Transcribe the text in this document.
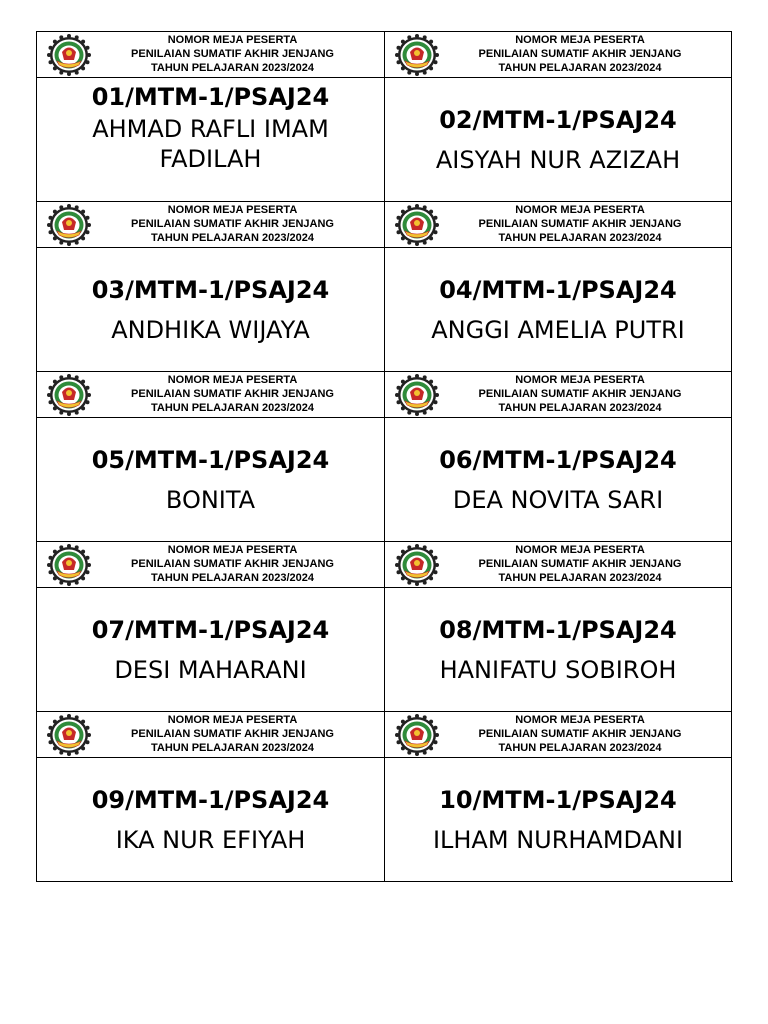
NOMOR MEJA PESERTA
PENILAIAN SUMATIF AKHIR JENJANG
TAHUN PELAJARAN 2023/2024
01/MTM-1/PSAJ24
AHMAD RAFLI IMAM FADILAH
NOMOR MEJA PESERTA
PENILAIAN SUMATIF AKHIR JENJANG
TAHUN PELAJARAN 2023/2024
02/MTM-1/PSAJ24
AISYAH NUR AZIZAH
NOMOR MEJA PESERTA
PENILAIAN SUMATIF AKHIR JENJANG
TAHUN PELAJARAN 2023/2024
03/MTM-1/PSAJ24
ANDHIKA WIJAYA
NOMOR MEJA PESERTA
PENILAIAN SUMATIF AKHIR JENJANG
TAHUN PELAJARAN 2023/2024
04/MTM-1/PSAJ24
ANGGI AMELIA PUTRI
NOMOR MEJA PESERTA
PENILAIAN SUMATIF AKHIR JENJANG
TAHUN PELAJARAN 2023/2024
05/MTM-1/PSAJ24
BONITA
NOMOR MEJA PESERTA
PENILAIAN SUMATIF AKHIR JENJANG
TAHUN PELAJARAN 2023/2024
06/MTM-1/PSAJ24
DEA NOVITA SARI
NOMOR MEJA PESERTA
PENILAIAN SUMATIF AKHIR JENJANG
TAHUN PELAJARAN 2023/2024
07/MTM-1/PSAJ24
DESI MAHARANI
NOMOR MEJA PESERTA
PENILAIAN SUMATIF AKHIR JENJANG
TAHUN PELAJARAN 2023/2024
08/MTM-1/PSAJ24
HANIFATU SOBIROH
NOMOR MEJA PESERTA
PENILAIAN SUMATIF AKHIR JENJANG
TAHUN PELAJARAN 2023/2024
09/MTM-1/PSAJ24
IKA NUR EFIYAH
NOMOR MEJA PESERTA
PENILAIAN SUMATIF AKHIR JENJANG
TAHUN PELAJARAN 2023/2024
10/MTM-1/PSAJ24
ILHAM NURHAMDANI
